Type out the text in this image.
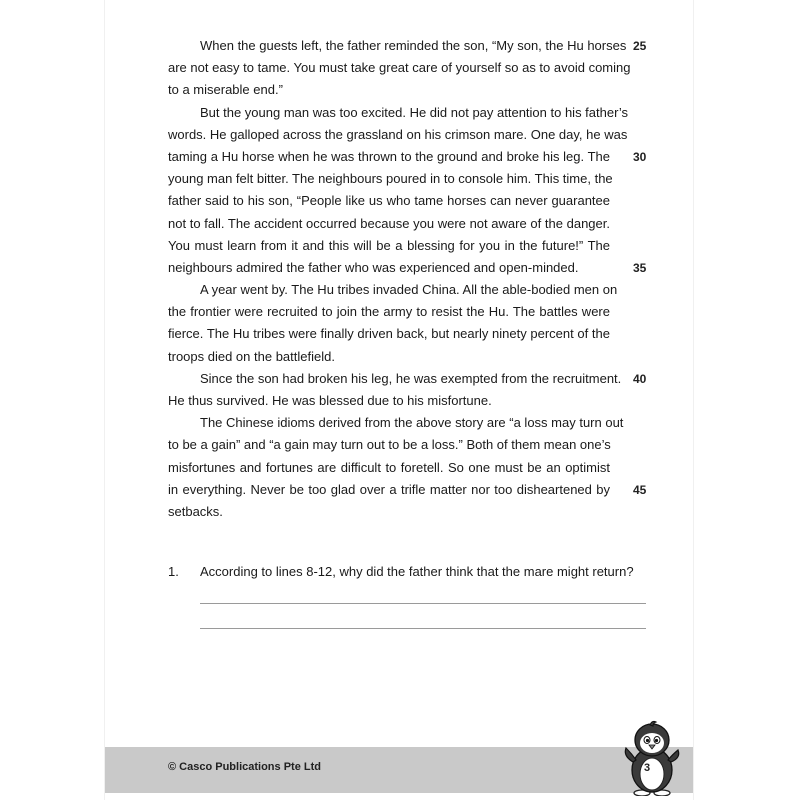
When the guests left, the father reminded the son, “My son, the Hu horses 25
are not easy to tame. You must take great care of yourself so as to avoid coming
to a miserable end.”
But the young man was too excited. He did not pay attention to his father’s
words. He galloped across the grassland on his crimson mare. One day, he was
taming a Hu horse when he was thrown to the ground and broke his leg. The 30
young man felt bitter. The neighbours poured in to console him. This time, the
father said to his son, “People like us who tame horses can never guarantee
not to fall. The accident occurred because you were not aware of the danger.
You must learn from it and this will be a blessing for you in the future!” The
neighbours admired the father who was experienced and open-minded.	35
A year went by. The Hu tribes invaded China. All the able-bodied men on
the frontier were recruited to join the army to resist the Hu. The battles were
fierce. The Hu tribes were finally driven back, but nearly ninety percent of the
troops died on the battlefield.
Since the son had broken his leg, he was exempted from the recruitment. 40
He thus survived. He was blessed due to his misfortune.
The Chinese idioms derived from the above story are “a loss may turn out
to be a gain” and “a gain may turn out to be a loss.” Both of them mean one’s
misfortunes and fortunes are difficult to foretell. So one must be an optimist
in everything. Never be too glad over a trifle matter nor too disheartened by 45
setbacks.
1. According to lines 8-12, why did the father think that the mare might return?
© Casco Publications Pte Ltd	3
